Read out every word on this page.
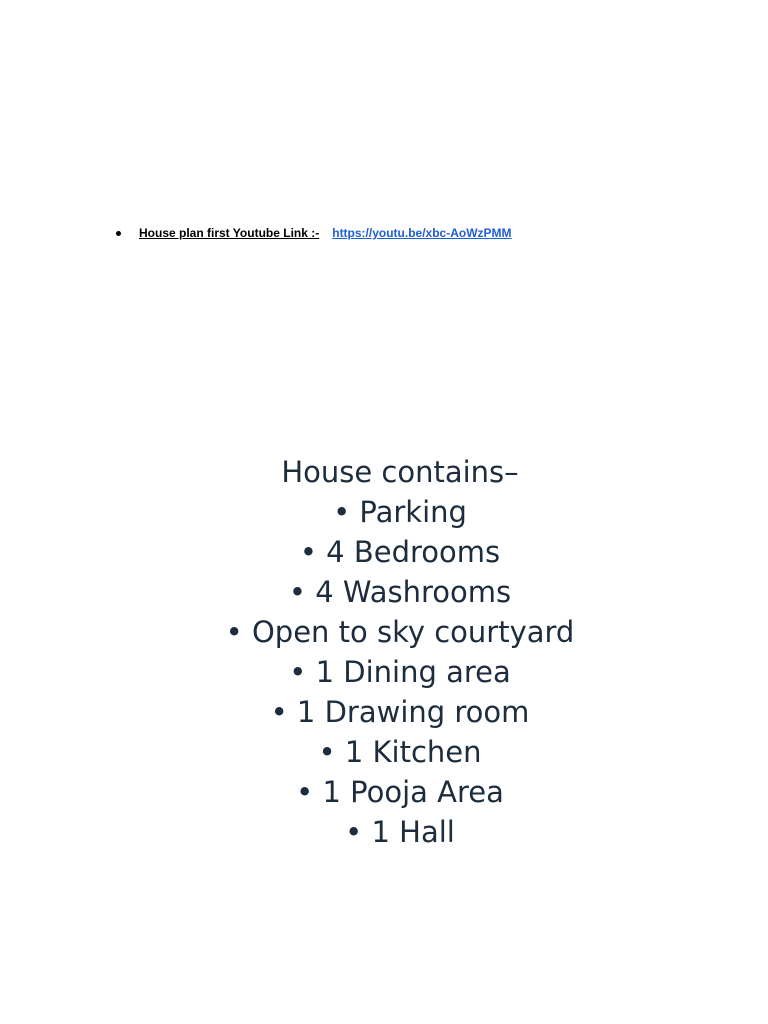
House plan first Youtube Link :- https://youtu.be/xbc-AoWzPMM
House contains–
• Parking
• 4 Bedrooms
• 4 Washrooms
• Open to sky courtyard
• 1 Dining area
• 1 Drawing room
• 1 Kitchen
• 1 Pooja Area
• 1 Hall
